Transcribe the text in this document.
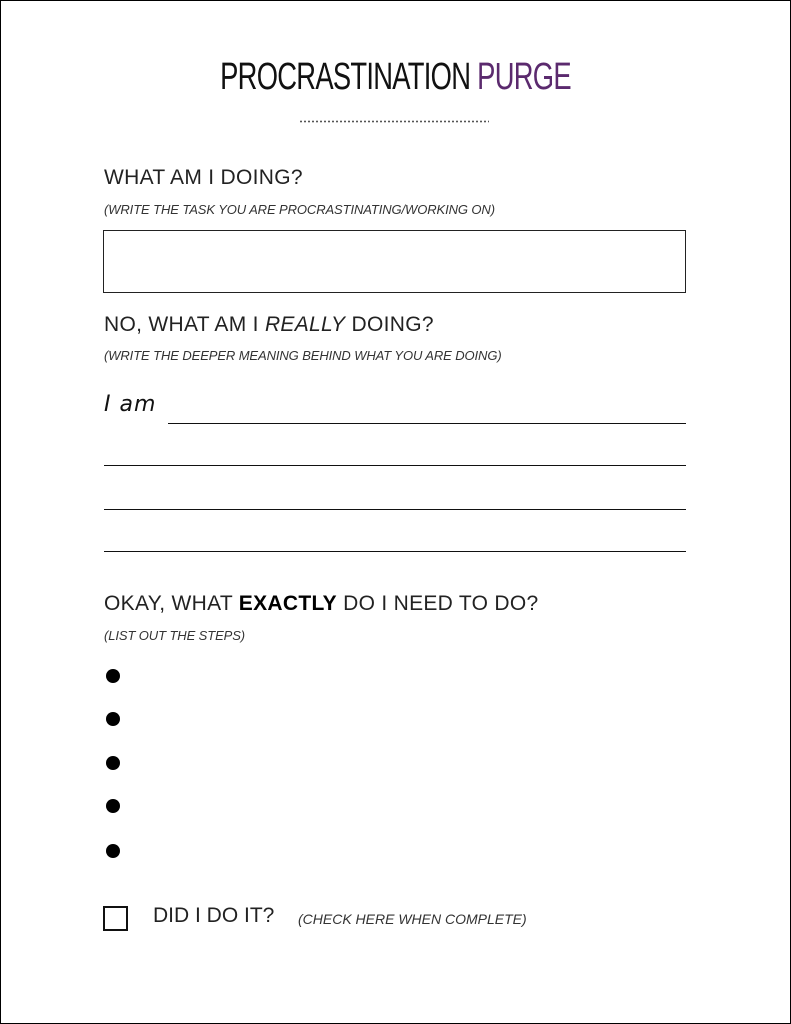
PROCRASTINATION PURGE
WHAT AM I DOING?
(WRITE THE TASK YOU ARE PROCRASTINATING/WORKING ON)
NO, WHAT AM I REALLY DOING?
(WRITE THE DEEPER MEANING BEHIND WHAT YOU ARE DOING)
I am
OKAY, WHAT EXACTLY DO I NEED TO DO?
(LIST OUT THE STEPS)
DID I DO IT? (CHECK HERE WHEN COMPLETE)
